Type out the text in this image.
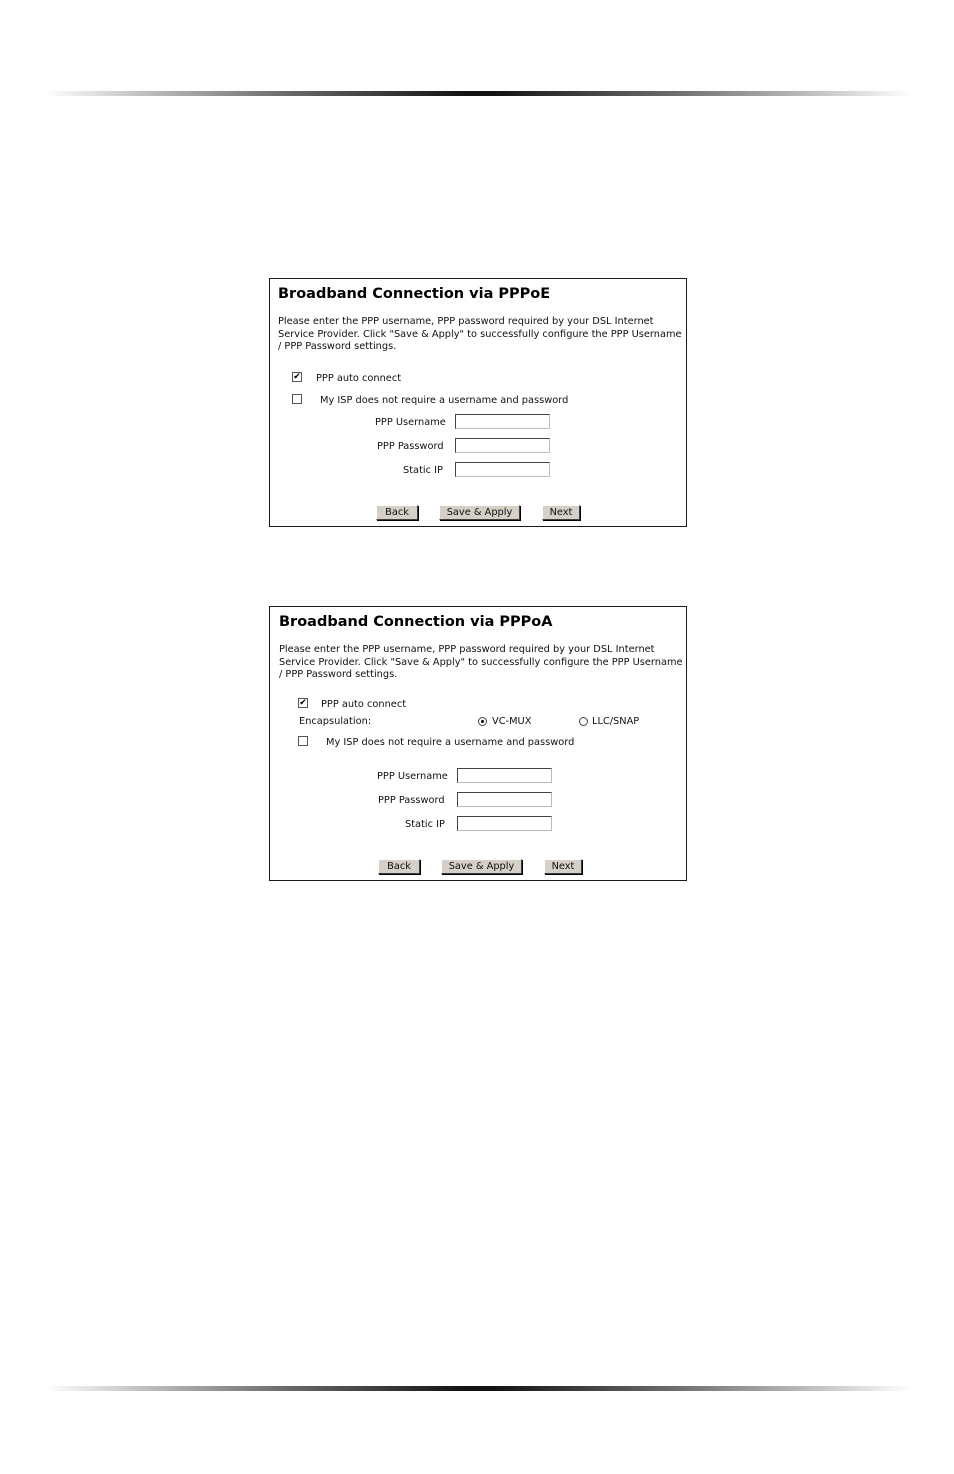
Broadband Connection via PPPoE
Please enter the PPP username, PPP password required by your DSL Internet Service Provider. Click "Save & Apply" to successfully configure the PPP Username / PPP Password settings.
✔ PPP auto connect
My ISP does not require a username and password
PPP Username
PPP Password
Static IP
Back	Save & Apply	Next
Broadband Connection via PPPoA
Please enter the PPP username, PPP password required by your DSL Internet Service Provider. Click "Save & Apply" to successfully configure the PPP Username / PPP Password settings.
✔ PPP auto connect
Encapsulation:	VC-MUX	LLC/SNAP
My ISP does not require a username and password
PPP Username
PPP Password
Static IP
Back	Save & Apply	Next
